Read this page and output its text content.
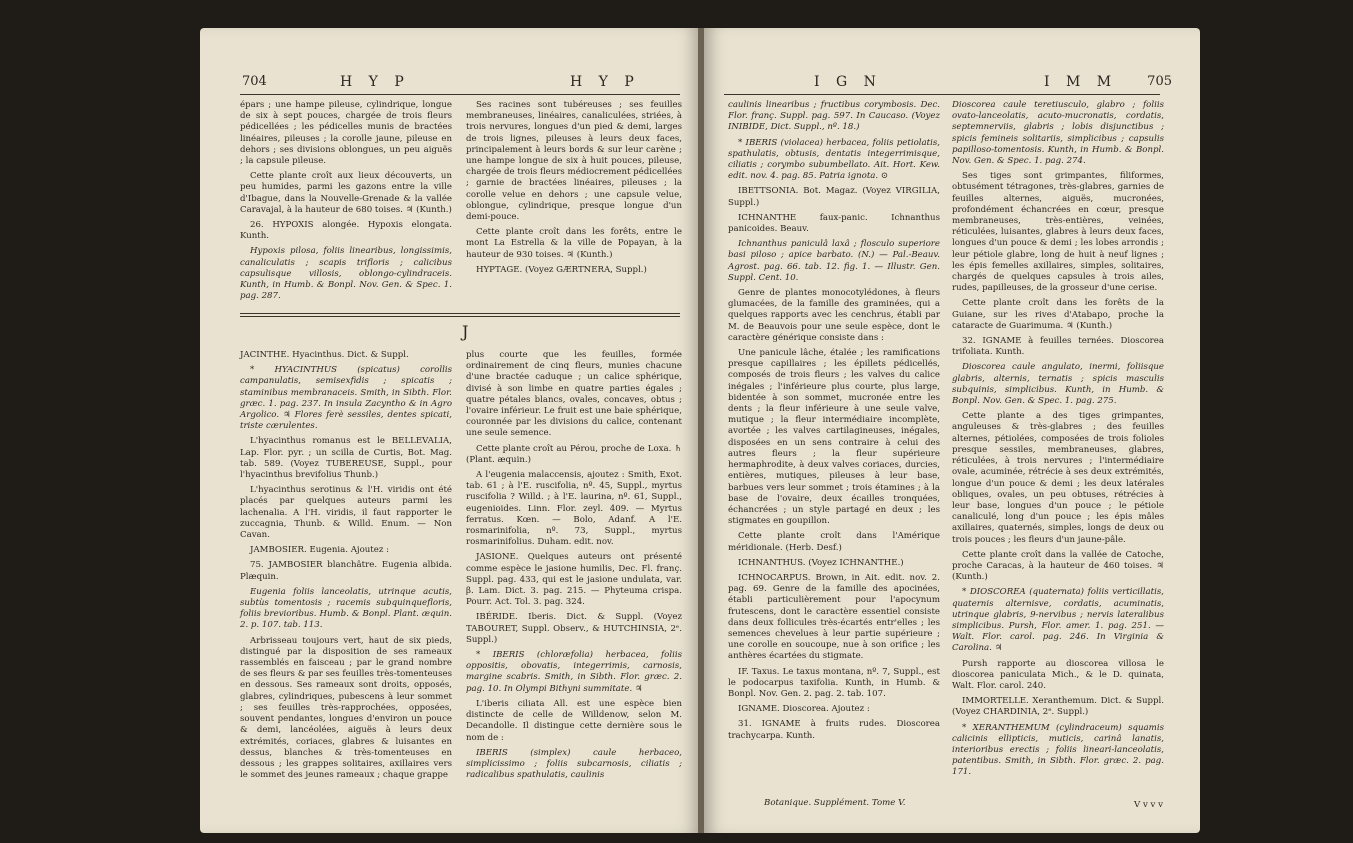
704	H Y P	H Y P

épars ; une hampe pileuse, cylindrique, longue de six à sept pouces, chargée de trois fleurs pédicellées ; les pédicelles munis de bractées linéaires, pileuses ; la corolle jaune, pileuse en dehors ; ses divisions oblongues, un peu aiguës ; la capsule pileuse.

Cette plante croît aux lieux découverts, un peu humides, parmi les gazons entre la ville d'Ibague, dans la Nouvelle-Grenade & la vallée Caravajal, à la hauteur de 680 toises. ♃ (Kunth.)

26. HYPOXIS alongée. Hypoxis elongata. Kunth.

Hypoxis pilosa, foliis linearibus, longissimis, canaliculatis ; scapis trifloris ; calicibus capsulisque villosis, oblongo-cylindraceis. Kunth, in Humb. & Bonpl. Nov. Gen. & Spec. 1. pag. 287.

Ses racines sont tubéreuses ; ses feuilles membraneuses, linéaires, canaliculées, striées, à trois nervures, longues d'un pied & demi, larges de trois lignes, pileuses à leurs deux faces, principalement à leurs bords & sur leur carène ; une hampe longue de six à huit pouces, pileuse, chargée de trois fleurs médiocrement pédicellées ; garnie de bractées linéaires, pileuses ; la corolle velue en dehors ; une capsule velue, oblongue, cylindrique, presque longue d'un demi-pouce.

Cette plante croît dans les forêts, entre le mont La Estrella & la ville de Popayan, à la hauteur de 930 toises. ♃ (Kunth.)

HYPTAGE. (Voyez GÆRTNERA, Suppl.)

J

JACINTHE. Hyacinthus. Dict. & Suppl.

* HYACINTHUS (spicatus) corollis campanulatis, semisexfidis ; spicatis ; staminibus membranaceis. Smith, in Sibth. Flor. græc. 1. pag. 237. In insula Zacyntho & in Agro Argolico. ♃ Flores ferè sessiles, dentes spicati, triste cærulentes.

L'hyacinthus romanus est le BELLEVALIA, Lap. Flor. pyr. ; un scilla de Curtis, Bot. Mag. tab. 589. (Voyez TUBEREUSE, Suppl., pour l'hyacinthus brevifolius Thunb.)

L'hyacinthus serotinus & l'H. viridis ont été placés par quelques auteurs parmi les lachenalia. A l'H. viridis, il faut rapporter le zuccagnia, Thunb. & Willd. Enum. — Non Cavan.

JAMBOSIER. Eugenia. Ajoutez :

75. JAMBOSIER blanchâtre. Eugenia albida. Plæquin.

Eugenia foliis lanceolatis, utrinque acutis, subtùs tomentosis ; racemis subquinquefloris, foliis brevioribus. Humb. & Bonpl. Plant. æquin. 2. p. 107. tab. 113.

Arbrisseau toujours vert, haut de six pieds, distingué par la disposition de ses rameaux rassemblés en faisceau ; par le grand nombre de ses fleurs & par ses feuilles très-tomenteuses en dessous. Ses rameaux sont droits, opposés, glabres, cylindriques, pubescens à leur sommet ; ses feuilles très-rapprochées, opposées, souvent pendantes, longues d'environ un pouce & demi, lancéolées, aiguës à leurs deux extrémités, coriaces, glabres & luisantes en dessus, blanches & très-tomenteuses en dessous ; les grappes solitaires, axillaires vers le sommet des jeunes rameaux ; chaque grappe

plus courte que les feuilles, formée ordinairement de cinq fleurs, munies chacune d'une bractée caduque ; un calice sphérique, divisé à son limbe en quatre parties égales ; quatre pétales blancs, ovales, concaves, obtus ; l'ovaire inférieur. Le fruit est une baie sphérique, couronnée par les divisions du calice, contenant une seule semence.

Cette plante croît au Pérou, proche de Loxa. ♄ (Plant. æquin.)

A l'eugenia malaccensis, ajoutez : Smith, Exot. tab. 61 ; à l'E. ruscifolia, nº. 45, Suppl., myrtus ruscifolia ? Willd. ; à l'E. laurina, nº. 61, Suppl., eugenioides. Linn. Flor. zeyl. 409. — Myrtus ferratus. Kœn. — Bolo, Adanf. A l'E. rosmarinifolia, nº. 73, Suppl., myrtus rosmarinifolius. Duham. edit. nov.

JASIONE. Quelques auteurs ont présenté comme espèce le jasione humilis, Dec. Fl. franç. Suppl. pag. 433, qui est le jasione undulata, var. β. Lam. Dict. 3. pag. 215. — Phyteuma crispa. Pourr. Act. Tol. 3. pag. 324.

IBÉRIDE. Iberis. Dict. & Suppl. (Voyez TABOURET, Suppl. Observ., & HUTCHINSIA, 2ᵉ. Suppl.)

* IBERIS (chloræfolia) herbacea, foliis oppositis, obovatis, integerrimis, carnosis, margine scabris. Smith, in Sibth. Flor. græc. 2. pag. 10. In Olympi Bithyni summitate. ♃

L'iberis ciliata All. est une espèce bien distincte de celle de Willdenow, selon M. Decandolle. Il distingue cette dernière sous le nom de :

IBERIS (simplex) caule herbaceo, simplicissimo ; foliis subcarnosis, ciliatis ; radicalibus spathulatis, caulinis

I G N	I M M 705

caulinis linearibus ; fructibus corymbosis. Dec. Flor. franç. Suppl. pag. 597. In Caucaso. (Voyez INIBIDE, Dict. Suppl., nº. 18.)

* IBERIS (violacea) herbacea, foliis petiolatis, spathulatis, obtusis, dentatis integerrimisque, ciliatis ; corymbo subumbellato. Ait. Hort. Kew. edit. nov. 4. pag. 85. Patria ignota. ⊙

IBETTSONIA. Bot. Magaz. (Voyez VIRGILIA, Suppl.)

ICHNANTHE faux-panic. Ichnanthus panicoides. Beauv.

Ichnanthus paniculâ laxâ ; flosculo superiore basi piloso ; apice barbato. (N.) — Pal.-Beauv. Agrost. pag. 66. tab. 12. fig. 1. — Illustr. Gen. Suppl. Cent. 10.

Genre de plantes monocotylédones, à fleurs glumacées, de la famille des graminées, qui a quelques rapports avec les cenchrus, établi par M. de Beauvois pour une seule espèce, dont le caractère générique consiste dans :

Une panicule lâche, étalée ; les ramifications presque capillaires ; les épillets pédicellés, composés de trois fleurs ; les valves du calice inégales ; l'inférieure plus courte, plus large, bidentée à son sommet, mucronée entre les dents ; la fleur inférieure à une seule valve, mutique ; la fleur intermédiaire incomplète, avortée ; les valves cartilagineuses, inégales, disposées en un sens contraire à celui des autres fleurs ; la fleur supérieure hermaphrodite, à deux valves coriaces, durcies, entières, mutiques, pileuses à leur base, barbues vers leur sommet ; trois étamines ; à la base de l'ovaire, deux écailles tronquées, échancrées ; un style partagé en deux ; les stigmates en goupillon.

Cette plante croît dans l'Amérique méridionale. (Herb. Desf.)

ICHNANTHUS. (Voyez ICHNANTHE.)

ICHNOCARPUS. Brown, in Ait. edit. nov. 2. pag. 69. Genre de la famille des apocinées, établi particulièrement pour l'apocynum frutescens, dont le caractère essentiel consiste dans deux follicules très-écartés entr'elles ; les semences chevelues à leur partie supérieure ; une corolle en soucoupe, nue à son orifice ; les anthères écartées du stigmate.

IF. Taxus. Le taxus montana, nº. 7, Suppl., est le podocarpus taxifolia. Kunth, in Humb. & Bonpl. Nov. Gen. 2. pag. 2. tab. 107.

IGNAME. Dioscorea. Ajoutez :

31. IGNAME à fruits rudes. Dioscorea trachycarpa. Kunth.

Botanique. Supplément. Tome V.

Dioscorea caule teretiusculo, glabro ; foliis ovato-lanceolatis, acuto-mucronatis, cordatis, septemnerviis, glabris ; lobis disjunctibus ; spicis femineis solitariis, simplicibus ; capsulis papilloso-tomentosis. Kunth, in Humb. & Bonpl. Nov. Gen. & Spec. 1. pag. 274.

Ses tiges sont grimpantes, filiformes, obtusément tétragones, très-glabres, garnies de feuilles alternes, aiguës, mucronées, profondément échancrées en cœur, presque membraneuses, très-entières, veinées, réticulées, luisantes, glabres à leurs deux faces, longues d'un pouce & demi ; les lobes arrondis ; leur pétiole glabre, long de huit à neuf lignes ; les épis femelles axillaires, simples, solitaires, chargés de quelques capsules à trois ailes, rudes, papilleuses, de la grosseur d'une cerise.

Cette plante croît dans les forêts de la Guiane, sur les rives d'Atabapo, proche la cataracte de Guarimuma. ♃ (Kunth.)

32. IGNAME à feuilles ternées. Dioscorea trifoliata. Kunth.

Dioscorea caule angulato, inermi, foliisque glabris, alternis, ternatis ; spicis masculis subquinis, simplicibus. Kunth, in Humb. & Bonpl. Nov. Gen. & Spec. 1. pag. 275.

Cette plante a des tiges grimpantes, anguleuses & très-glabres ; des feuilles alternes, pétiolées, composées de trois folioles presque sessiles, membraneuses, glabres, réticulées, à trois nervures ; l'intermédiaire ovale, acuminée, rétrécie à ses deux extrémités, longue d'un pouce & demi ; les deux latérales obliques, ovales, un peu obtuses, rétrécies à leur base, longues d'un pouce ; le pétiole canaliculé, long d'un pouce ; les épis mâles axillaires, quaternés, simples, longs de deux ou trois pouces ; les fleurs d'un jaune-pâle.

Cette plante croît dans la vallée de Catoche, proche Caracas, à la hauteur de 460 toises. ♃ (Kunth.)

* DIOSCOREA (quaternata) foliis verticillatis, quaternis alternisve, cordatis, acuminatis, utrinque glabris, 9-nervibus ; nervis lateralibus simplicibus. Pursh, Flor. amer. 1. pag. 251. — Walt. Flor. carol. pag. 246. In Virginia & Carolina. ♃

Pursh rapporte au dioscorea villosa le dioscorea paniculata Mich., & le D. quinata, Walt. Flor. carol. 240.

IMMORTELLE. Xeranthemum. Dict. & Suppl. (Voyez CHARDINIA, 2ᵉ. Suppl.)

* XERANTHEMUM (cylindraceum) squamis calicinis ellipticis, muticis, carinâ lanatis, interioribus erectis ; foliis lineari-lanceolatis, patentibus. Smith, in Sibth. Flor. græc. 2. pag. 171.

V v v v
